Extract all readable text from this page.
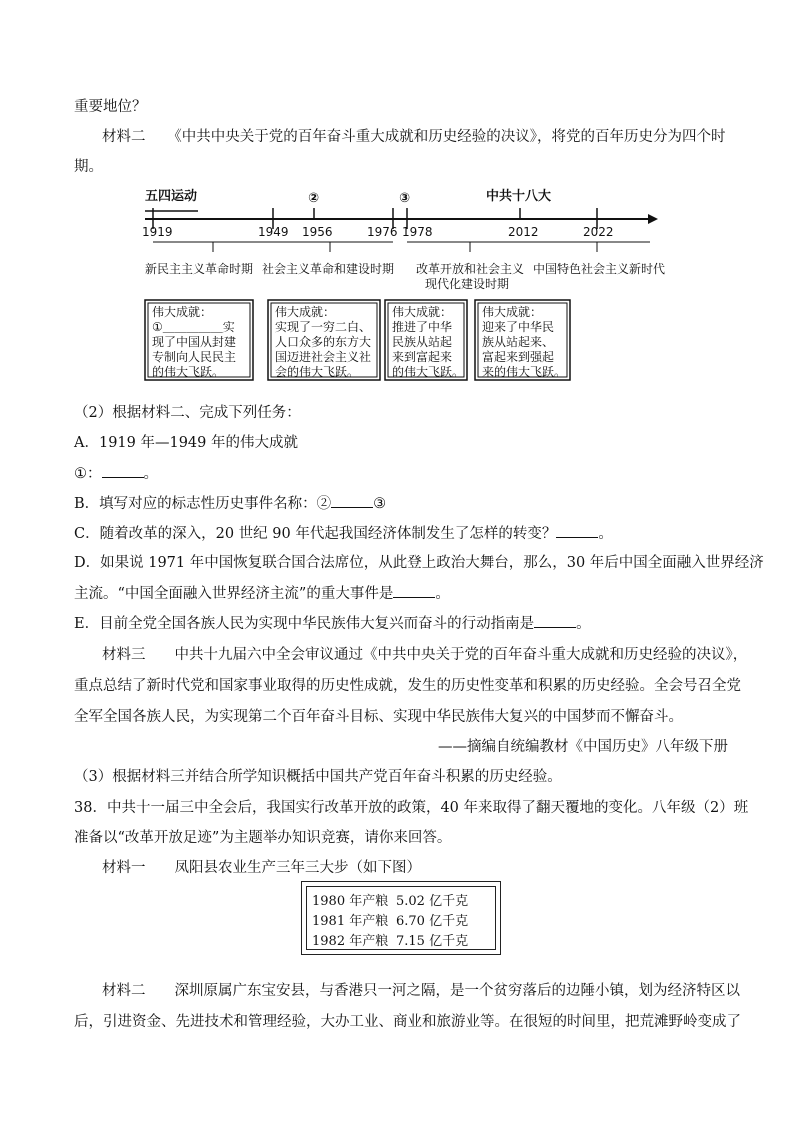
重要地位？
材料二　　《中共中央关于党的百年奋斗重大成就和历史经验的决议》，将党的百年历史分为四个时
期。
五四运动	②	③	中共十八大
1919	1949 1956	1976 1978	2012	2022
新民主主义革命时期 社会主义革命和建设时期 改革开放和社会主义
现代化建设时期
中国特色社会主义新时代
伟大成就：
①＿＿＿＿＿实
现了中国从封建
专制向人民民主
的伟大飞跃。
伟大成就：
实现了一穷二白、
人口众多的东方大
国迈进社会主义社
会的伟大飞跃。
伟大成就：
推进了中华
民族从站起
来到富起来
的伟大飞跃。
伟大成就：
迎来了中华民
族从站起来、
富起来到强起
来的伟大飞跃。
（2）根据材料二、完成下列任务：
A．1919 年—1949 年的伟大成就
①：	。
B．填写对应的标志性历史事件名称：②	③
C．随着改革的深入，20 世纪 90 年代起我国经济体制发生了怎样的转变？	。
D．如果说 1971 年中国恢复联合国合法席位，从此登上政治大舞台，那么，30 年后中国全面融入世界经济
主流。“中国全面融入世界经济主流”的重大事件是	。
E．目前全党全国各族人民为实现中华民族伟大复兴而奋斗的行动指南是	。
材料三　　中共十九届六中全会审议通过《中共中央关于党的百年奋斗重大成就和历史经验的决议》，
重点总结了新时代党和国家事业取得的历史性成就，发生的历史性变革和积累的历史经验。全会号召全党
全军全国各族人民，为实现第二个百年奋斗目标、实现中华民族伟大复兴的中国梦而不懈奋斗。
——摘编自统编教材《中国历史》八年级下册
（3）根据材料三并结合所学知识概括中国共产党百年奋斗积累的历史经验。
38．中共十一届三中全会后，我国实行改革开放的政策，40 年来取得了翻天覆地的变化。八年级（2）班
准备以“改革开放足迹”为主题举办知识竞赛，请你来回答。
材料一　　凤阳县农业生产三年三大步（如下图）
1980 年产粮 5.02 亿千克
1981 年产粮 6.70 亿千克
1982 年产粮 7.15 亿千克
材料二　　深圳原属广东宝安县，与香港只一河之隔，是一个贫穷落后的边陲小镇，划为经济特区以
后，引进资金、先进技术和管理经验，大办工业、商业和旅游业等。在很短的时间里，把荒滩野岭变成了
